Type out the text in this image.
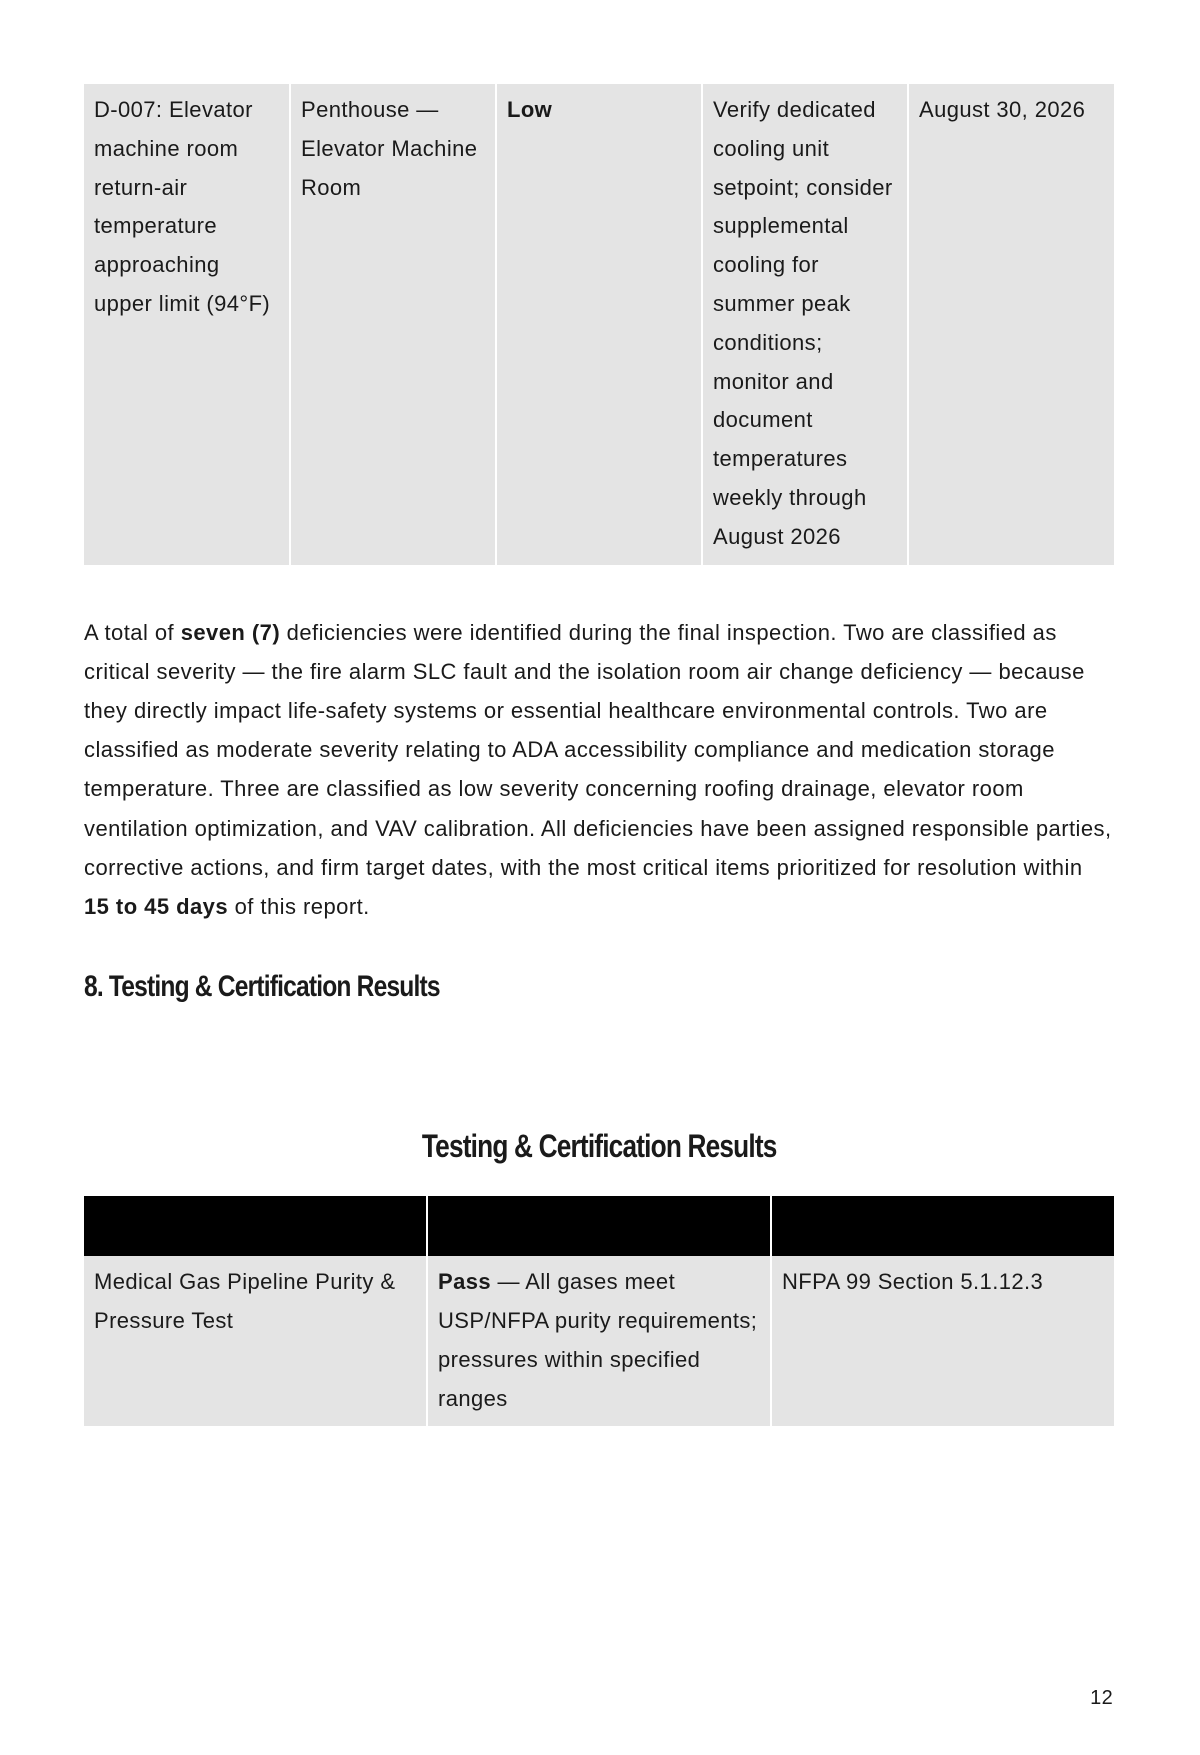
D-007: Elevator machine room return-air temperature approaching upper limit (94°F)	Penthouse — Elevator Machine Room	Low	Verify dedicated cooling unit setpoint; consider supplemental cooling for summer peak conditions; monitor and document temperatures weekly through August 2026	August 30, 2026

A total of seven (7) deficiencies were identified during the final inspection. Two are classified as critical severity — the fire alarm SLC fault and the isolation room air change deficiency — because they directly impact life-safety systems or essential healthcare environmental controls. Two are classified as moderate severity relating to ADA accessibility compliance and medication storage temperature. Three are classified as low severity concerning roofing drainage, elevator room ventilation optimization, and VAV calibration. All deficiencies have been assigned responsible parties, corrective actions, and firm target dates, with the most critical items prioritized for resolution within 15 to 45 days of this report.

8. Testing & Certification Results
Testing & Certification Results

Medical Gas Pipeline Purity & Pressure Test	Pass — All gases meet USP/NFPA purity requirements; pressures within specified ranges	NFPA 99 Section 5.1.12.3
12
